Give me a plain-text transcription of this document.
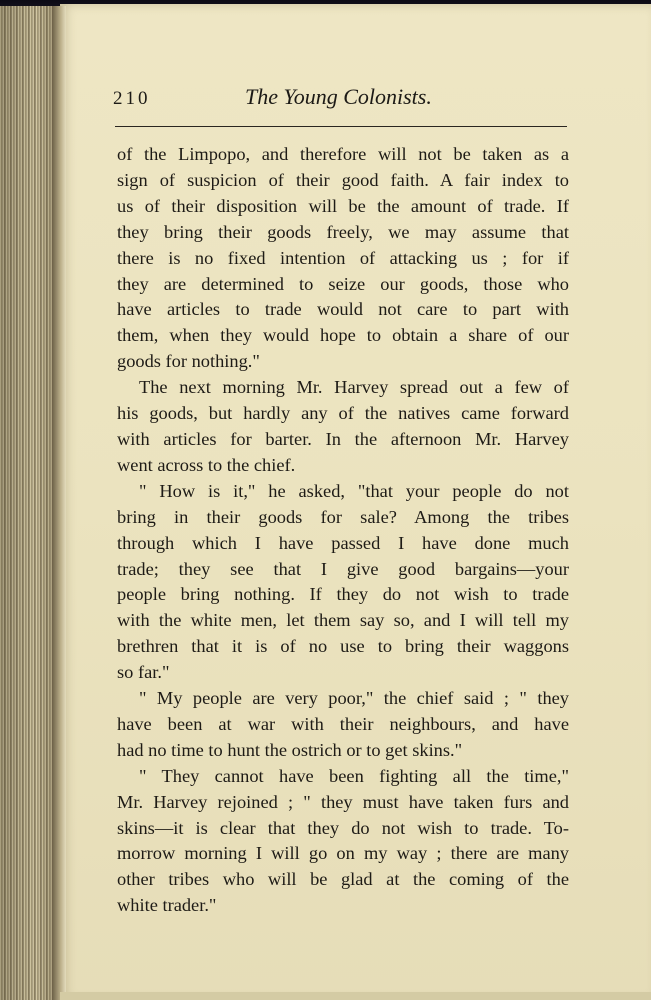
210	The Young Colonists.
of the Limpopo, and therefore will not be taken as a
sign of suspicion of their good faith. A fair index to
us of their disposition will be the amount of trade. If
they bring their goods freely, we may assume that
there is no fixed intention of attacking us ; for if
they are determined to seize our goods, those who
have articles to trade would not care to part with
them, when they would hope to obtain a share of our
goods for nothing."
The next morning Mr. Harvey spread out a few of
his goods, but hardly any of the natives came forward
with articles for barter. In the afternoon Mr. Harvey
went across to the chief.
" How is it," he asked, "that your people do not
bring in their goods for sale? Among the tribes
through which I have passed I have done much
trade; they see that I give good bargains—your
people bring nothing. If they do not wish to trade
with the white men, let them say so, and I will tell my
brethren that it is of no use to bring their waggons
so far."
" My people are very poor," the chief said ; " they
have been at war with their neighbours, and have
had no time to hunt the ostrich or to get skins."
" They cannot have been fighting all the time,"
Mr. Harvey rejoined ; " they must have taken furs and
skins—it is clear that they do not wish to trade. To-
morrow morning I will go on my way ; there are many
other tribes who will be glad at the coming of the
white trader."
